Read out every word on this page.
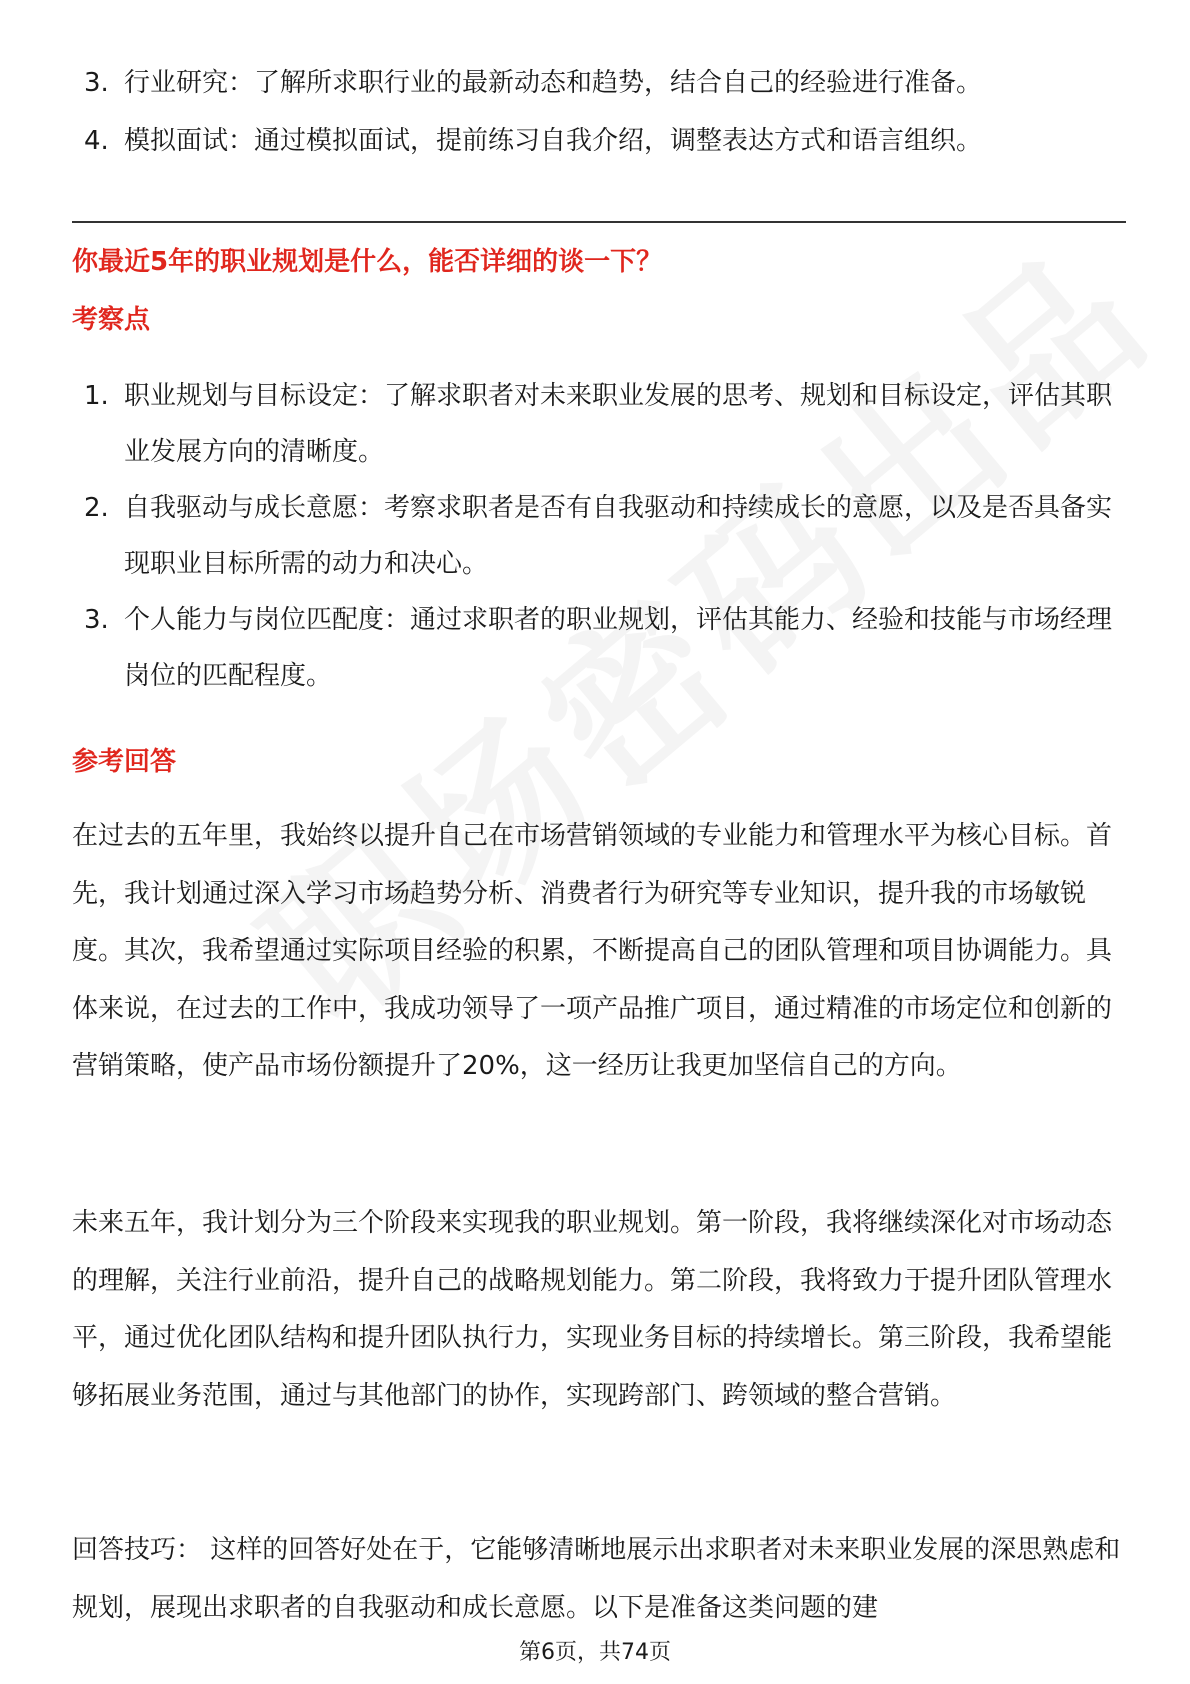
3. 行业研究：了解所求职行业的最新动态和趋势，结合自己的经验进行准备。
4. 模拟面试：通过模拟面试，提前练习自我介绍，调整表达方式和语言组织。
你最近5年的职业规划是什么，能否详细的谈一下？
考察点
1. 职业规划与目标设定：了解求职者对未来职业发展的思考、规划和目标设定，评估其职业发展方向的清晰度。
2. 自我驱动与成长意愿：考察求职者是否有自我驱动和持续成长的意愿，以及是否具备实现职业目标所需的动力和决心。
3. 个人能力与岗位匹配度：通过求职者的职业规划，评估其能力、经验和技能与市场经理岗位的匹配程度。
参考回答

在过去的五年里，我始终以提升自己在市场营销领域的专业能力和管理水平为核心目标。首先，我计划通过深入学习市场趋势分析、消费者行为研究等专业知识，提升我的市场敏锐度。其次，我希望通过实际项目经验的积累，不断提高自己的团队管理和项目协调能力。具体来说，在过去的工作中，我成功领导了一项产品推广项目，通过精准的市场定位和创新的营销策略，使产品市场份额提升了20%，这一经历让我更加坚信自己的方向。

未来五年，我计划分为三个阶段来实现我的职业规划。第一阶段，我将继续深化对市场动态的理解，关注行业前沿，提升自己的战略规划能力。第二阶段，我将致力于提升团队管理水平，通过优化团队结构和提升团队执行力，实现业务目标的持续增长。第三阶段，我希望能够拓展业务范围，通过与其他部门的协作，实现跨部门、跨领域的整合营销。

回答技巧： 这样的回答好处在于，它能够清晰地展示出求职者对未来职业发展的深思熟虑和规划，展现出求职者的自我驱动和成长意愿。以下是准备这类问题的建

第6页，共74页
